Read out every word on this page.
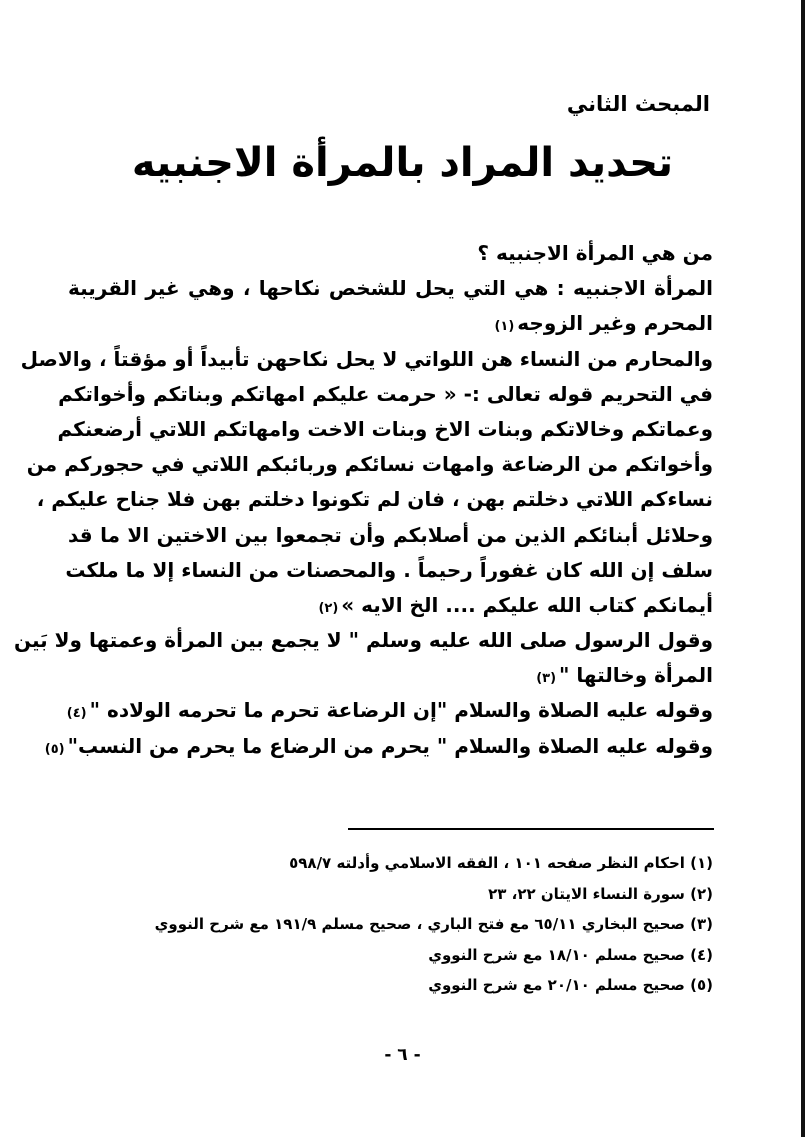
المبحث الثاني
تحديد المراد بالمرأة الاجنبيه
من هي المرأة الاجنبيه ؟
المرأة الاجنبيه : هي التي يحل للشخص نكاحها ، وهي غير القريبة
المحرم وغير الزوجه(١)
والمحارم من النساء هن اللواتي لا يحل نكاحهن تأبيداً أو مؤقتاً ، والاصل
في التحريم قوله تعالى :- « حرمت عليكم امهاتكم وبناتكم وأخواتكم
وعماتكم وخالاتكم وبنات الاخ وبنات الاخت وامهاتكم اللاتي أرضعنكم
وأخواتكم من الرضاعة وامهات نسائكم وربائبكم اللاتي في حجوركم من
نساءكم اللاتي دخلتم بهن ، فان لم تكونوا دخلتم بهن فلا جناح عليكم ،
وحلائل أبنائكم الذين من أصلابكم وأن تجمعوا بين الاختين الا ما قد
سلف إن الله كان غفوراً رحيماً . والمحصنات من النساء إلا ما ملكت
أيمانكم كتاب الله عليكم .... الخ الايه »(٢)
وقول الرسول صلى الله عليه وسلم " لا يجمع بين المرأة وعمتها ولا بَين
المرأة وخالتها "(٣)
وقوله عليه الصلاة والسلام "إن الرضاعة تحرم ما تحرمه الولاده "(٤)
وقوله عليه الصلاة والسلام " يحرم من الرضاع ما يحرم من النسب"(٥)
(١) احكام النظر صفحه ١٠١ ، الفقه الاسلامي وأدلته ٥٩٨/٧
(٢) سورة النساء الايتان ٢٢، ٢٣
(٣) صحيح البخاري ٦٥/١١ مع فتح الباري ، صحيح مسلم ١٩١/٩ مع شرح النووي
(٤) صحيح مسلم ١٨/١٠ مع شرح النووي
(٥) صحيح مسلم ٢٠/١٠ مع شرح النووي
- ٦ -
